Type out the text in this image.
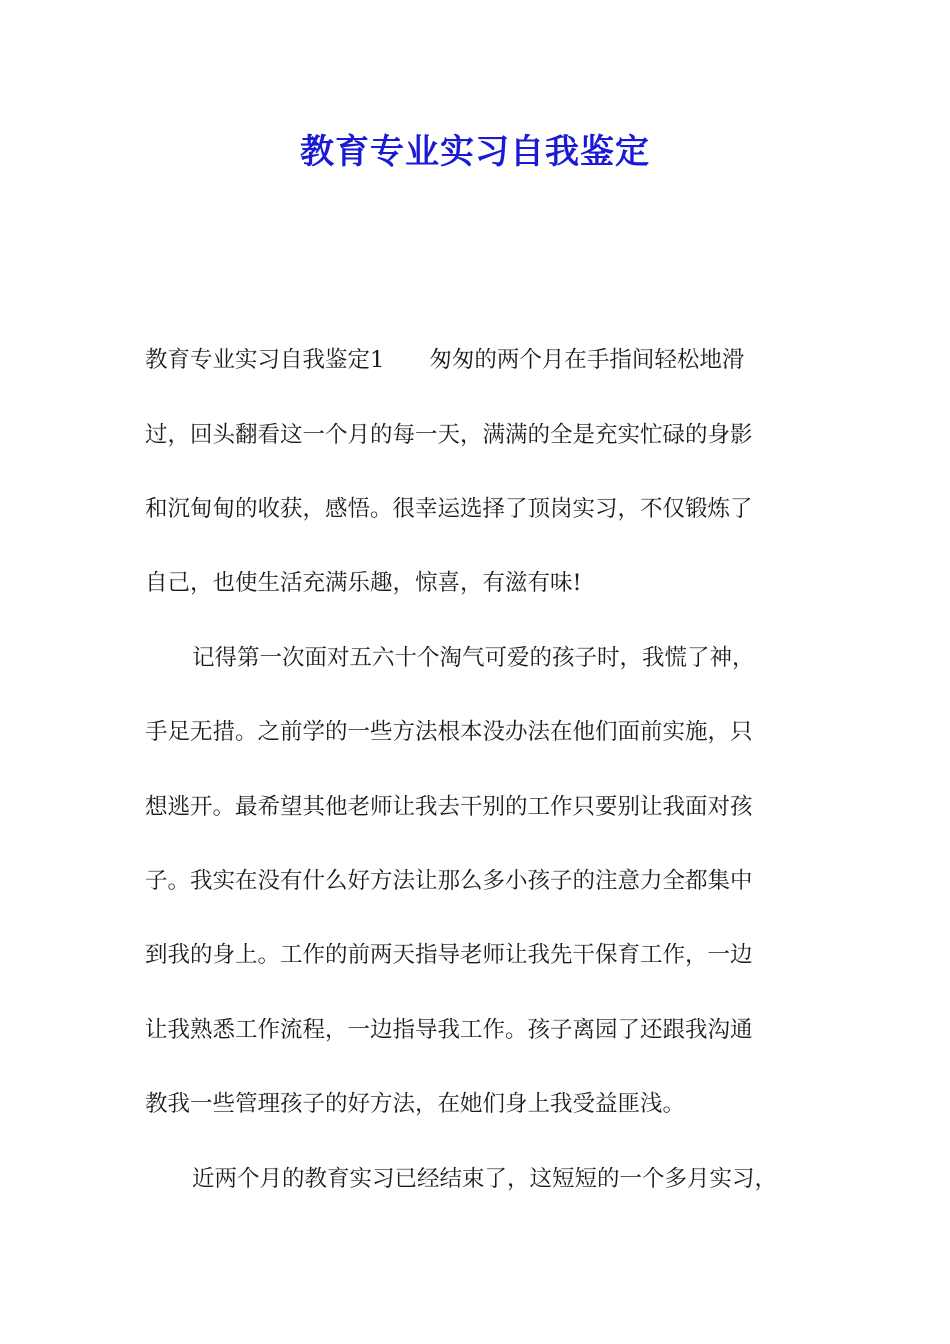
教育专业实习自我鉴定
教育专业实习自我鉴定1　　匆匆的两个月在手指间轻松地滑
过，回头翻看这一个月的每一天，满满的全是充实忙碌的身影
和沉甸甸的收获，感悟。很幸运选择了顶岗实习，不仅锻炼了
自己，也使生活充满乐趣，惊喜，有滋有味!
记得第一次面对五六十个淘气可爱的孩子时，我慌了神，
手足无措。之前学的一些方法根本没办法在他们面前实施，只
想逃开。最希望其他老师让我去干别的工作只要别让我面对孩
子。我实在没有什么好方法让那么多小孩子的注意力全都集中
到我的身上。工作的前两天指导老师让我先干保育工作，一边
让我熟悉工作流程，一边指导我工作。孩子离园了还跟我沟通
教我一些管理孩子的好方法，在她们身上我受益匪浅。
近两个月的教育实习已经结束了，这短短的一个多月实习，
